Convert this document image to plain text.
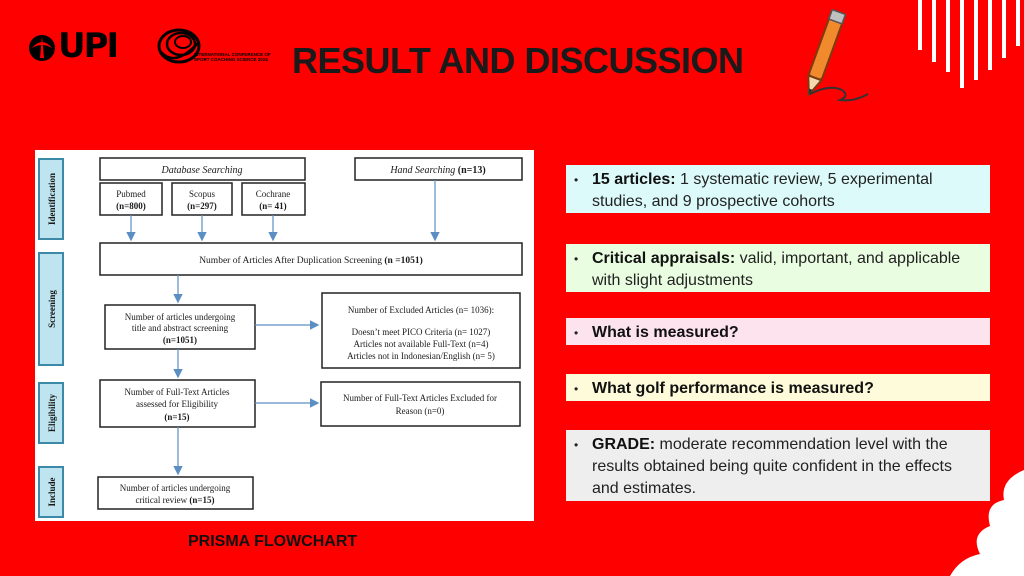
UPI	INTERNATIONAL CONFERENCE OF SPORT COACHING SCIENCE 2024 RESULT AND DISCUSSION
Identification
Screening
Eligibility
Include
Database Searching	Hand Searching (n=13)
Pubmed
(n=800)
Scopus
(n=297)
Cochrane
(n= 41)
Number of Articles After Duplication Screening (n =1051)
Number of articles undergoing
title and abstract screening
(n=1051)
Number of Excluded Articles (n= 1036):
Doesn’t meet PICO Criteria (n= 1027)
Articles not available Full-Text (n=4)
Articles not in Indonesian/English (n= 5)
Number of Full-Text Articles
assessed for Eligibility
(n=15)
Number of Full-Text Articles Excluded for
Reason (n=0)
Number of articles undergoing
critical review (n=15)
PRISMA FLOWCHART
• 15 articles: 1 systematic review, 5 experimental studies, and 9 prospective cohorts
• Critical appraisals: valid, important, and applicable with slight adjustments
• What is measured?
• What golf performance is measured?
• GRADE: moderate recommendation level with the results obtained being quite confident in the effects and estimates.
